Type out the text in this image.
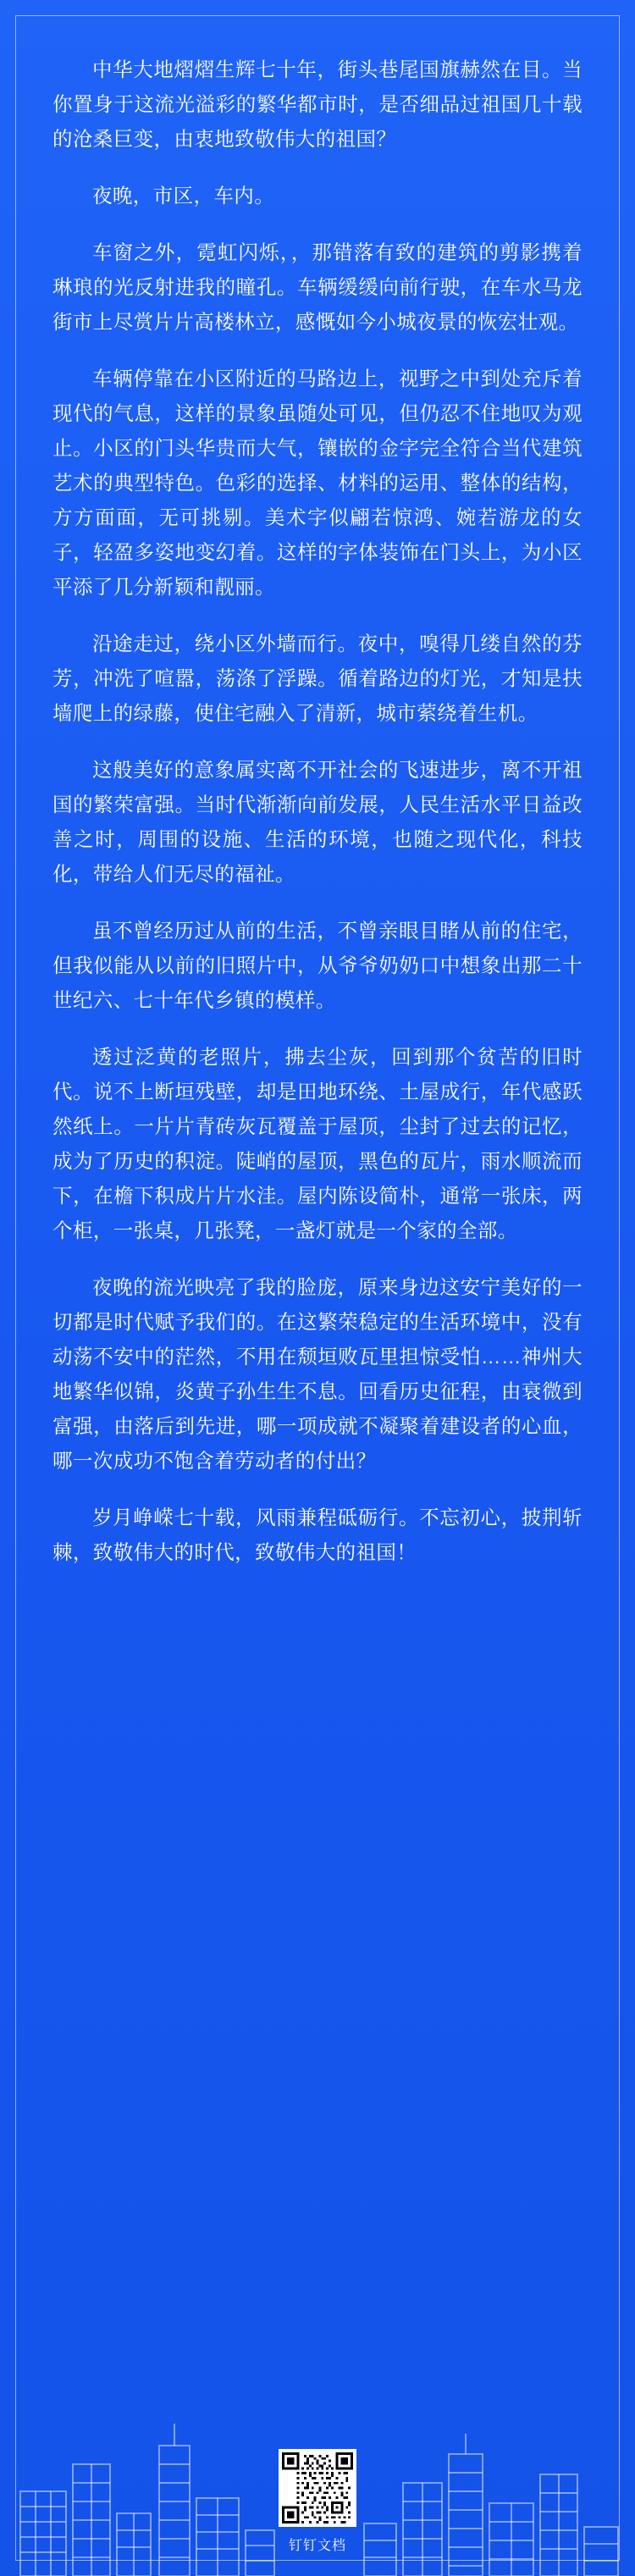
中华大地熠熠生辉七十年，街头巷尾国旗赫然在目。当你置身于这流光溢彩的繁华都市时，是否细品过祖国几十载的沧桑巨变，由衷地致敬伟大的祖国？

夜晚，市区，车内。

车窗之外，霓虹闪烁，，那错落有致的建筑的剪影携着琳琅的光反射进我的瞳孔。车辆缓缓向前行驶，在车水马龙街市上尽赏片片高楼林立，感慨如今小城夜景的恢宏壮观。

车辆停靠在小区附近的马路边上，视野之中到处充斥着现代的气息，这样的景象虽随处可见，但仍忍不住地叹为观止。小区的门头华贵而大气，镶嵌的金字完全符合当代建筑艺术的典型特色。色彩的选择、材料的运用、整体的结构，方方面面，无可挑剔。美术字似翩若惊鸿、婉若游龙的女子，轻盈多姿地变幻着。这样的字体装饰在门头上，为小区平添了几分新颖和靓丽。

沿途走过，绕小区外墙而行。夜中，嗅得几缕自然的芬芳，冲洗了喧嚣，荡涤了浮躁。循着路边的灯光，才知是扶墙爬上的绿藤，使住宅融入了清新，城市萦绕着生机。

这般美好的意象属实离不开社会的飞速进步，离不开祖国的繁荣富强。当时代渐渐向前发展，人民生活水平日益改善之时，周围的设施、生活的环境，也随之现代化，科技化，带给人们无尽的福祉。

虽不曾经历过从前的生活，不曾亲眼目睹从前的住宅，但我似能从以前的旧照片中，从爷爷奶奶口中想象出那二十世纪六、七十年代乡镇的模样。

透过泛黄的老照片，拂去尘灰，回到那个贫苦的旧时代。说不上断垣残壁，却是田地环绕、土屋成行，年代感跃然纸上。一片片青砖灰瓦覆盖于屋顶，尘封了过去的记忆，成为了历史的积淀。陡峭的屋顶，黑色的瓦片，雨水顺流而下，在檐下积成片片水洼。屋内陈设简朴，通常一张床，两个柜，一张桌，几张凳，一盏灯就是一个家的全部。

夜晚的流光映亮了我的脸庞，原来身边这安宁美好的一切都是时代赋予我们的。在这繁荣稳定的生活环境中，没有动荡不安中的茫然，不用在颓垣败瓦里担惊受怕……神州大地繁华似锦，炎黄子孙生生不息。回看历史征程，由衰微到富强，由落后到先进，哪一项成就不凝聚着建设者的心血，哪一次成功不饱含着劳动者的付出？

岁月峥嵘七十载，风雨兼程砥砺行。不忘初心，披荆斩棘，致敬伟大的时代，致敬伟大的祖国！

钉钉文档
